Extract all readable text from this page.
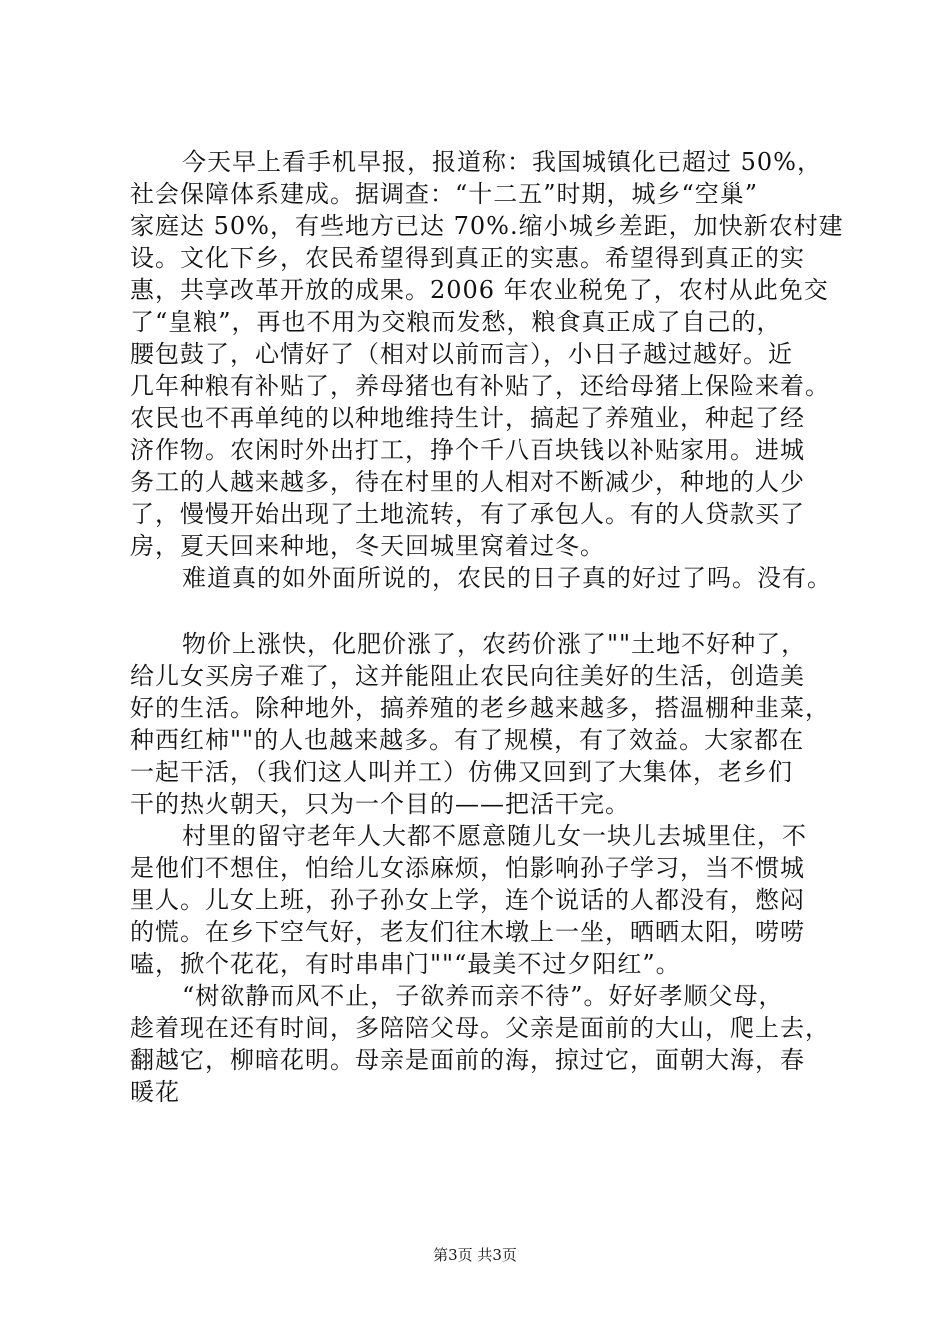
今天早上看手机早报，报道称：我国城镇化已超过 50%，
社会保障体系建成。据调查：“十二五”时期，城乡“空巢”
家庭达 50%，有些地方已达 70%.缩小城乡差距，加快新农村建
设。文化下乡，农民希望得到真正的实惠。希望得到真正的实
惠，共享改革开放的成果。2006 年农业税免了，农村从此免交
了“皇粮”，再也不用为交粮而发愁，粮食真正成了自己的，
腰包鼓了，心情好了（相对以前而言），小日子越过越好。近
几年种粮有补贴了，养母猪也有补贴了，还给母猪上保险来着。
农民也不再单纯的以种地维持生计，搞起了养殖业，种起了经
济作物。农闲时外出打工，挣个千八百块钱以补贴家用。进城
务工的人越来越多，待在村里的人相对不断减少，种地的人少
了，慢慢开始出现了土地流转，有了承包人。有的人贷款买了
房，夏天回来种地，冬天回城里窝着过冬。
难道真的如外面所说的，农民的日子真的好过了吗。没有。
物价上涨快，化肥价涨了，农药价涨了""土地不好种了，
给儿女买房子难了，这并能阻止农民向往美好的生活，创造美
好的生活。除种地外，搞养殖的老乡越来越多，搭温棚种韭菜，
种西红柿""的人也越来越多。有了规模，有了效益。大家都在
一起干活，（我们这人叫并工）仿佛又回到了大集体，老乡们
干的热火朝天，只为一个目的——把活干完。
村里的留守老年人大都不愿意随儿女一块儿去城里住，不
是他们不想住，怕给儿女添麻烦，怕影响孙子学习，当不惯城
里人。儿女上班，孙子孙女上学，连个说话的人都没有，憋闷
的慌。在乡下空气好，老友们往木墩上一坐，晒晒太阳，唠唠
嗑，掀个花花，有时串串门""“最美不过夕阳红”。
“树欲静而风不止，子欲养而亲不待”。好好孝顺父母，
趁着现在还有时间，多陪陪父母。父亲是面前的大山，爬上去，
翻越它，柳暗花明。母亲是面前的海，掠过它，面朝大海，春
暖花
第3页 共3页
